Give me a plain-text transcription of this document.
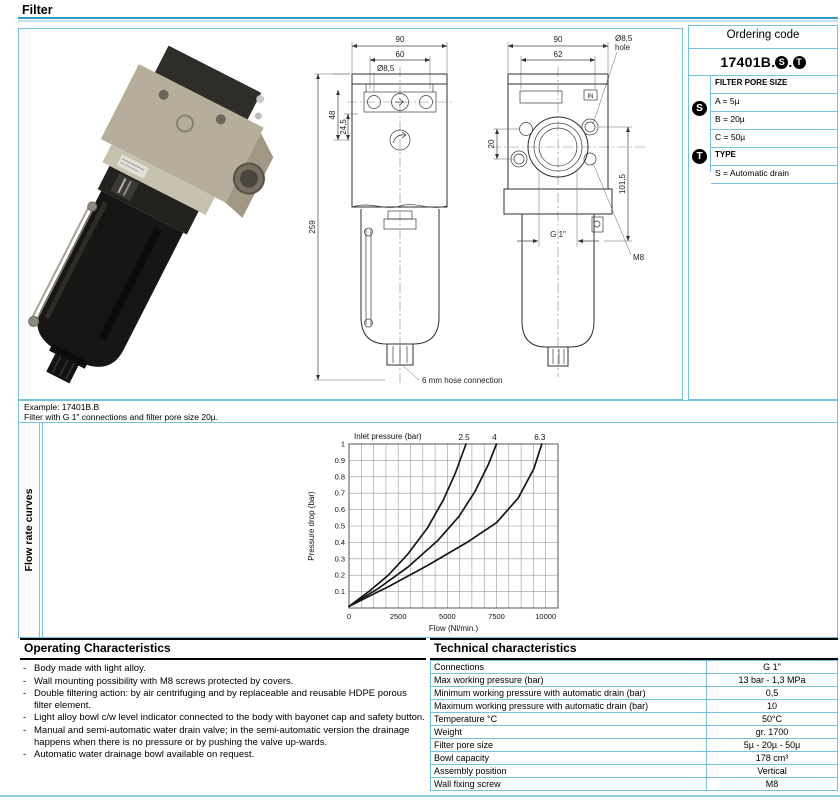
Filter
90
60
Ø8,5
48
24,5
259
6 mm hose connection
90
62
Ø8,5
hole
IN
20
101,5
G 1"
M8
Ordering code
17401B. S . T
S
T
FILTER PORE SIZE
A = 5µ
B = 20µ
C = 50µ
TYPE
S = Automatic drain
Example: 17401B.B
Filter with G 1" connections and filter pore size 20µ.
Flow rate curves
0.1
0.2
0.3
0.4
0.5
0.6
0.7
0.8
0.9
1
0	2500	5000	7500	10000
Inlet pressure (bar)
Flow (Nl/min.)
Pressure drop (bar)
2.5	4	6.3
Operating Characteristics
- Body made with light alloy.
- Wall mounting possibility with M8 screws protected by covers.
- Double filtering action: by air centrifuging and by replaceable and reusable HDPE porous filter element.
- Light alloy bowl c/w level indicator connected to the body with bayonet cap and safety button.
- Manual and semi-automatic water drain valve; in the semi-automatic version the drainage happens when there is no pressure or by pushing the valve up-wards.
- Automatic water drainage bowl available on request.
Technical characteristics
Connections	G 1"
Max working pressure (bar)	13 bar - 1,3 MPa
Minimum working pressure with automatic drain (bar)	0,5
Maximum working pressure with automatic drain (bar)	10
Temperature °C	50°C
Weight	gr. 1700
Filter pore size	5µ - 20µ - 50µ
Bowl capacity	178 cm³
Assembly position	Vertical
Wall fixing screw	M8
